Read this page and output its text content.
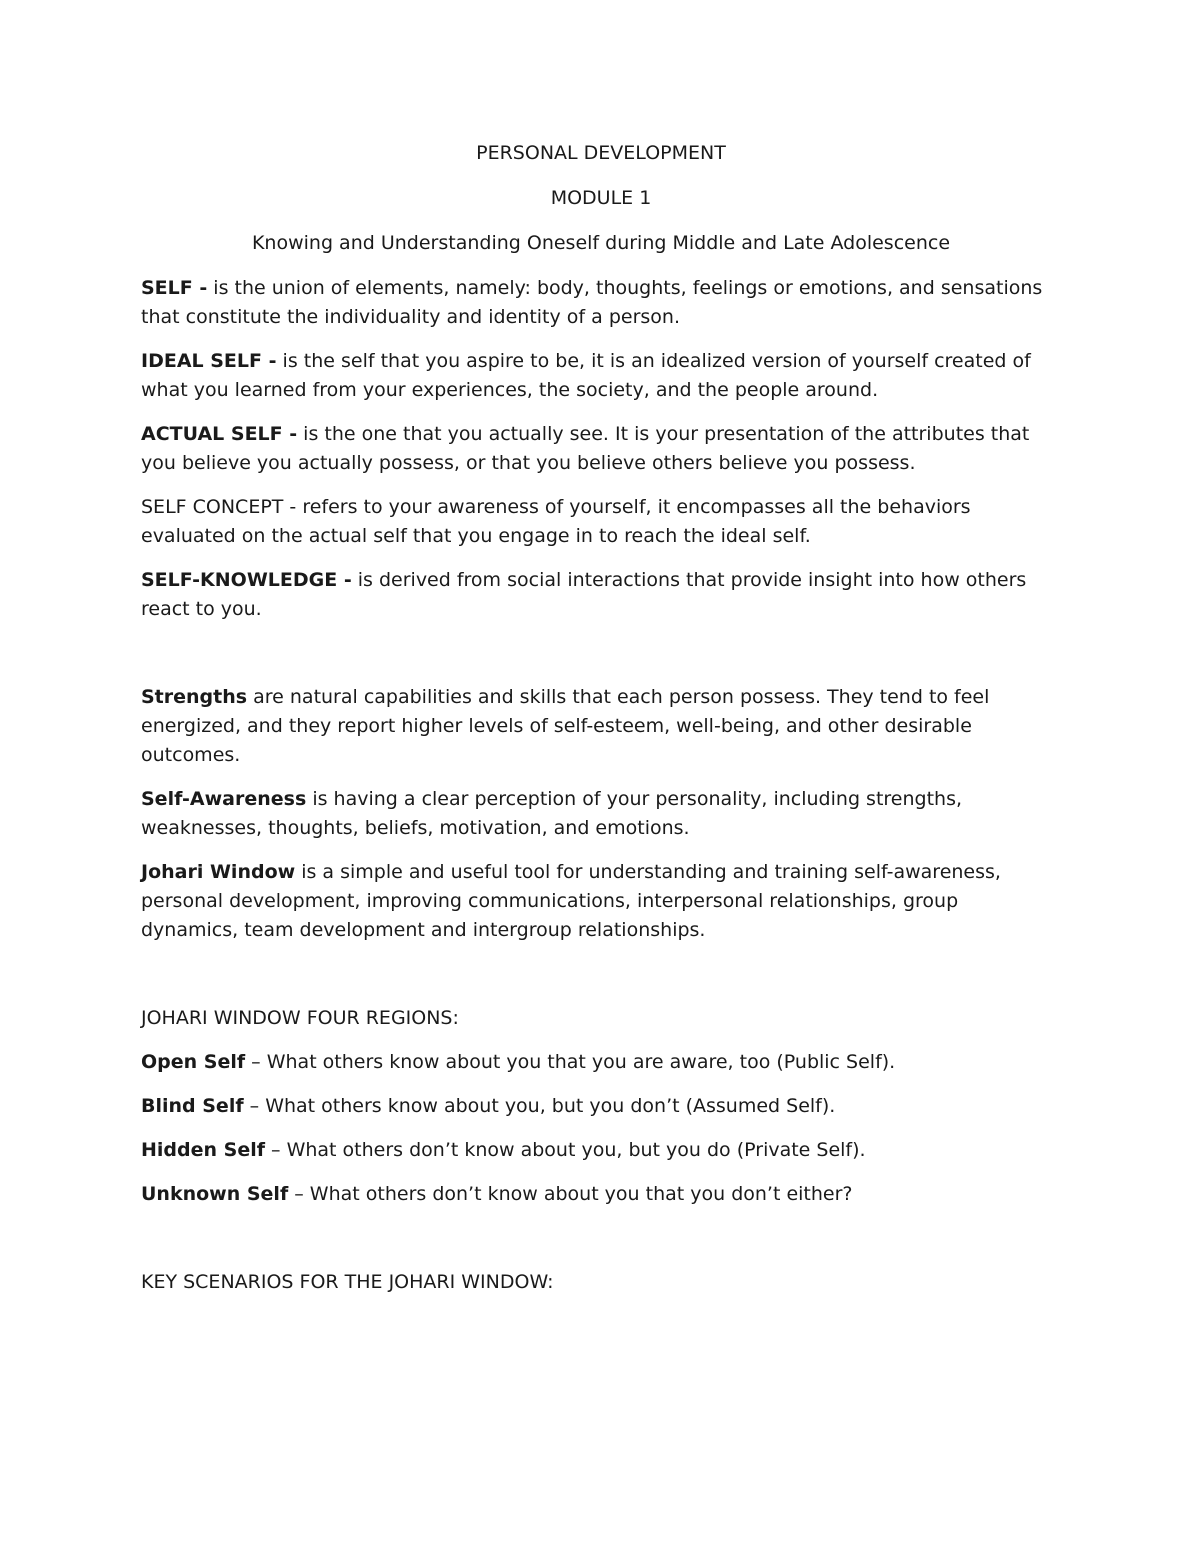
PERSONAL DEVELOPMENT

MODULE 1

Knowing and Understanding Oneself during Middle and Late Adolescence

SELF - is the union of elements, namely: body, thoughts, feelings or emotions, and sensations that constitute the individuality and identity of a person.

IDEAL SELF - is the self that you aspire to be, it is an idealized version of yourself created of what you learned from your experiences, the society, and the people around.

ACTUAL SELF - is the one that you actually see. It is your presentation of the attributes that you believe you actually possess, or that you believe others believe you possess.

SELF CONCEPT - refers to your awareness of yourself, it encompasses all the behaviors evaluated on the actual self that you engage in to reach the ideal self.

SELF-KNOWLEDGE - is derived from social interactions that provide insight into how others react to you.

Strengths are natural capabilities and skills that each person possess. They tend to feel energized, and they report higher levels of self-esteem, well-being, and other desirable outcomes.

Self-Awareness is having a clear perception of your personality, including strengths, weaknesses, thoughts, beliefs, motivation, and emotions.

Johari Window is a simple and useful tool for understanding and training self-awareness, personal development, improving communications, interpersonal relationships, group dynamics, team development and intergroup relationships.

JOHARI WINDOW FOUR REGIONS:

Open Self – What others know about you that you are aware, too (Public Self).

Blind Self – What others know about you, but you don’t (Assumed Self).

Hidden Self – What others don’t know about you, but you do (Private Self).

Unknown Self – What others don’t know about you that you don’t either?

KEY SCENARIOS FOR THE JOHARI WINDOW:
